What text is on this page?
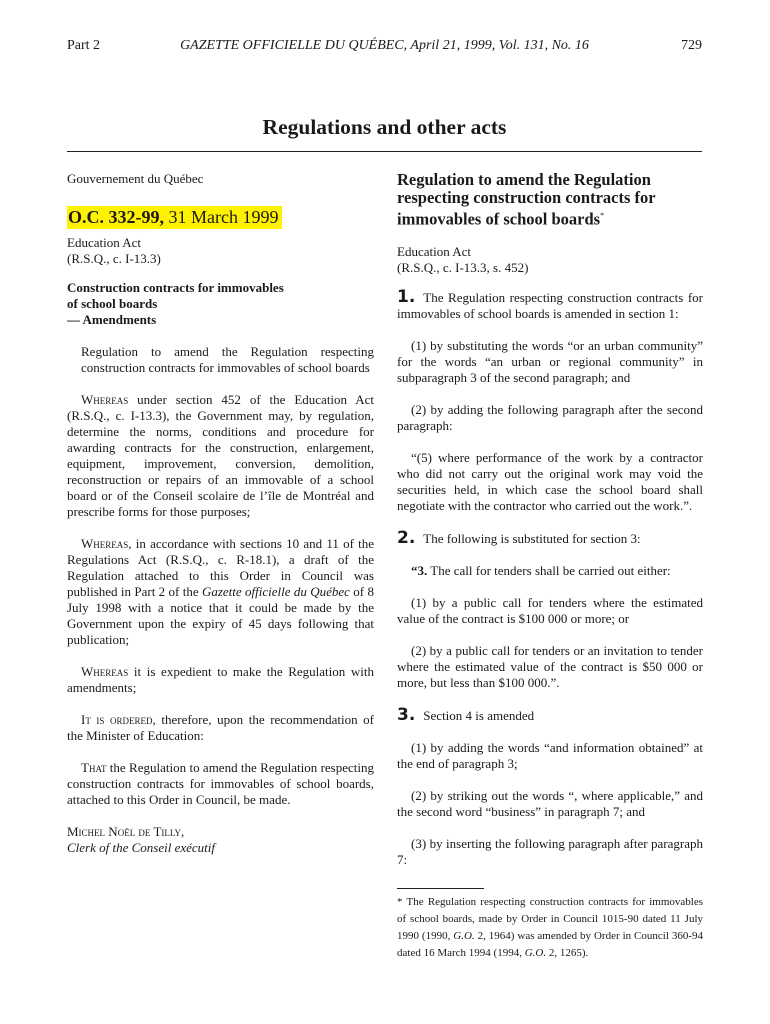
Part 2	GAZETTE OFFICIELLE DU QUÉBEC, April 21, 1999, Vol. 131, No. 16	729
Regulations and other acts

Gouvernement du Québec

O.C. 332-99, 31 March 1999

Education Act

(R.S.Q., c. I-13.3)

Construction contracts for immovables

of school boards

— Amendments

Regulation to amend the Regulation respecting construction contracts for immovables of school boards

Whereas under section 452 of the Education Act (R.S.Q., c. I-13.3), the Government may, by regulation, determine the norms, conditions and procedure for awarding contracts for the construction, enlargement, equipment, improvement, conversion, demolition, reconstruction or repairs of an immovable of a school board or of the Conseil scolaire de l’île de Montréal and prescribe forms for those purposes;

Whereas, in accordance with sections 10 and 11 of the Regulations Act (R.S.Q., c. R-18.1), a draft of the Regulation attached to this Order in Council was published in Part 2 of the Gazette officielle du Québec of 8 July 1998 with a notice that it could be made by the Government upon the expiry of 45 days following that publication;

Whereas it is expedient to make the Regulation with amendments;

It is ordered, therefore, upon the recommendation of the Minister of Education:

That the Regulation to amend the Regulation respecting construction contracts for immovables of school boards, attached to this Order in Council, be made.

Michel Noël de Tilly,

Clerk of the Conseil exécutif

Regulation to amend the Regulation respecting construction contracts for immovables of school boards*

Education Act

(R.S.Q., c. I-13.3, s. 452)

1. The Regulation respecting construction contracts for immovables of school boards is amended in section 1:

(1) by substituting the words “or an urban community” for the words “an urban or regional community” in subparagraph 3 of the second paragraph; and

(2) by adding the following paragraph after the second paragraph:

“(5) where performance of the work by a contractor who did not carry out the original work may void the securities held, in which case the school board shall negotiate with the contractor who carried out the work.”.

2. The following is substituted for section 3:

“3. The call for tenders shall be carried out either:

(1) by a public call for tenders where the estimated value of the contract is $100 000 or more; or

(2) by a public call for tenders or an invitation to tender where the estimated value of the contract is $50 000 or more, but less than $100 000.”.

3. Section 4 is amended

(1) by adding the words “and information obtained” at the end of paragraph 3;

(2) by striking out the words “, where applicable,” and the second word “business” in paragraph 7; and

(3) by inserting the following paragraph after paragraph 7:

* The Regulation respecting construction contracts for immovables of school boards, made by Order in Council 1015-90 dated 11 July 1990 (1990, G.O. 2, 1964) was amended by Order in Council 360-94 dated 16 March 1994 (1994, G.O. 2, 1265).
